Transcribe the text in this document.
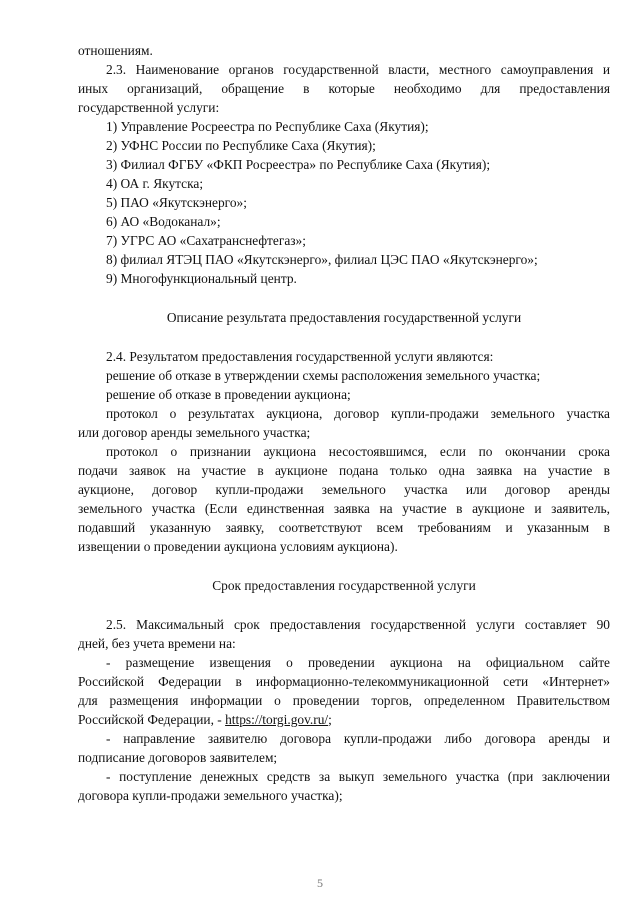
отношениям.

2.3. Наименование органов государственной власти, местного самоуправления и

иных организаций, обращение в которые необходимо для предоставления

государственной услуги:

1) Управление Росреестра по Республике Саха (Якутия);

2) УФНС России по Республике Саха (Якутия);

3) Филиал ФГБУ «ФКП Росреестра» по Республике Саха (Якутия);

4) ОА г. Якутска;

5) ПАО «Якутскэнерго»;

6) АО «Водоканал»;

7) УГРС АО «Сахатранснефтегаз»;

8) филиал ЯТЭЦ ПАО «Якутскэнерго», филиал ЦЭС ПАО «Якутскэнерго»;

9) Многофункциональный центр.

Описание результата предоставления государственной услуги

2.4. Результатом предоставления государственной услуги являются:

решение об отказе в утверждении схемы расположения земельного участка;

решение об отказе в проведении аукциона;

протокол о результатах аукциона, договор купли-продажи земельного участка

или договор аренды земельного участка;

протокол о признании аукциона несостоявшимся, если по окончании срока

подачи заявок на участие в аукционе подана только одна заявка на участие в

аукционе, договор купли-продажи земельного участка или договор аренды

земельного участка (Если единственная заявка на участие в аукционе и заявитель,

подавший указанную заявку, соответствуют всем требованиям и указанным в

извещении о проведении аукциона условиям аукциона).

Срок предоставления государственной услуги

2.5. Максимальный срок предоставления государственной услуги составляет 90

дней, без учета времени на:

- размещение извещения о проведении аукциона на официальном сайте

Российской Федерации в информационно-телекоммуникационной сети «Интернет»

для размещения информации о проведении торгов, определенном Правительством

Российской Федерации, - https://torgi.gov.ru/;

- направление заявителю договора купли-продажи либо договора аренды и

подписание договоров заявителем;

- поступление денежных средств за выкуп земельного участка (при заключении

договора купли-продажи земельного участка);

5
